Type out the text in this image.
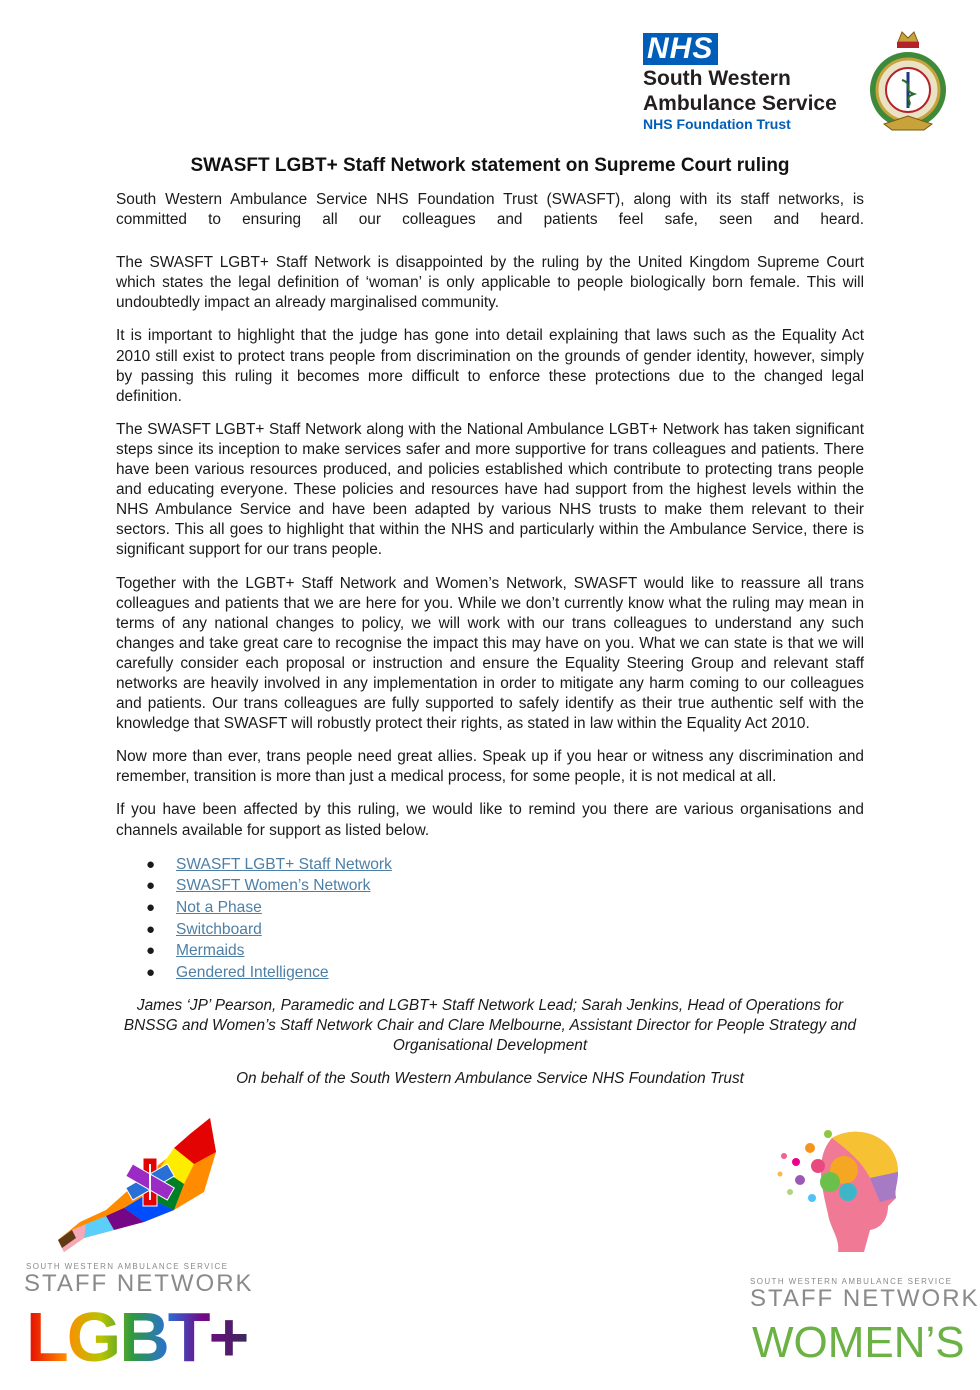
NHS
South Western
Ambulance Service
NHS Foundation Trust
SWASFT LGBT+ Staff Network statement on Supreme Court ruling

South Western Ambulance Service NHS Foundation Trust (SWASFT), along with its staff networks, is committed to ensuring all our colleagues and patients feel safe, seen and heard.

The SWASFT LGBT+ Staff Network is disappointed by the ruling by the United Kingdom Supreme Court which states the legal definition of ‘woman’ is only applicable to people biologically born female. This will undoubtedly impact an already marginalised community.

It is important to highlight that the judge has gone into detail explaining that laws such as the Equality Act 2010 still exist to protect trans people from discrimination on the grounds of gender identity, however, simply by passing this ruling it becomes more difficult to enforce these protections due to the changed legal definition.

The SWASFT LGBT+ Staff Network along with the National Ambulance LGBT+ Network has taken significant steps since its inception to make services safer and more supportive for trans colleagues and patients. There have been various resources produced, and policies established which contribute to protecting trans people and educating everyone. These policies and resources have had support from the highest levels within the NHS Ambulance Service and have been adapted by various NHS trusts to make them relevant to their sectors. This all goes to highlight that within the NHS and particularly within the Ambulance Service, there is significant support for our trans people.

Together with the LGBT+ Staff Network and Women’s Network, SWASFT would like to reassure all trans colleagues and patients that we are here for you. While we don’t currently know what the ruling may mean in terms of any national changes to policy, we will work with our trans colleagues to understand any such changes and take great care to recognise the impact this may have on you. What we can state is that we will carefully consider each proposal or instruction and ensure the Equality Steering Group and relevant staff networks are heavily involved in any implementation in order to mitigate any harm coming to our colleagues and patients. Our trans colleagues are fully supported to safely identify as their true authentic self with the knowledge that SWASFT will robustly protect their rights, as stated in law within the Equality Act 2010.

Now more than ever, trans people need great allies. Speak up if you hear or witness any discrimination and remember, transition is more than just a medical process, for some people, it is not medical at all.

If you have been affected by this ruling, we would like to remind you there are various organisations and channels available for support as listed below.

● SWASFT LGBT+ Staff Network
● SWASFT Women’s Network
● Not a Phase
● Switchboard
● Mermaids
● Gendered Intelligence
James ‘JP’ Pearson, Paramedic and LGBT+ Staff Network Lead; Sarah Jenkins, Head of Operations for BNSSG and Women’s Staff Network Chair and Clare Melbourne, Assistant Director for People Strategy and Organisational Development
On behalf of the South Western Ambulance Service NHS Foundation Trust
SOUTH WESTERN AMBULANCE SERVICE
STAFF NETWORK
LGBT+
SOUTH WESTERN AMBULANCE SERVICE
STAFF NETWORK
WOMEN’S
